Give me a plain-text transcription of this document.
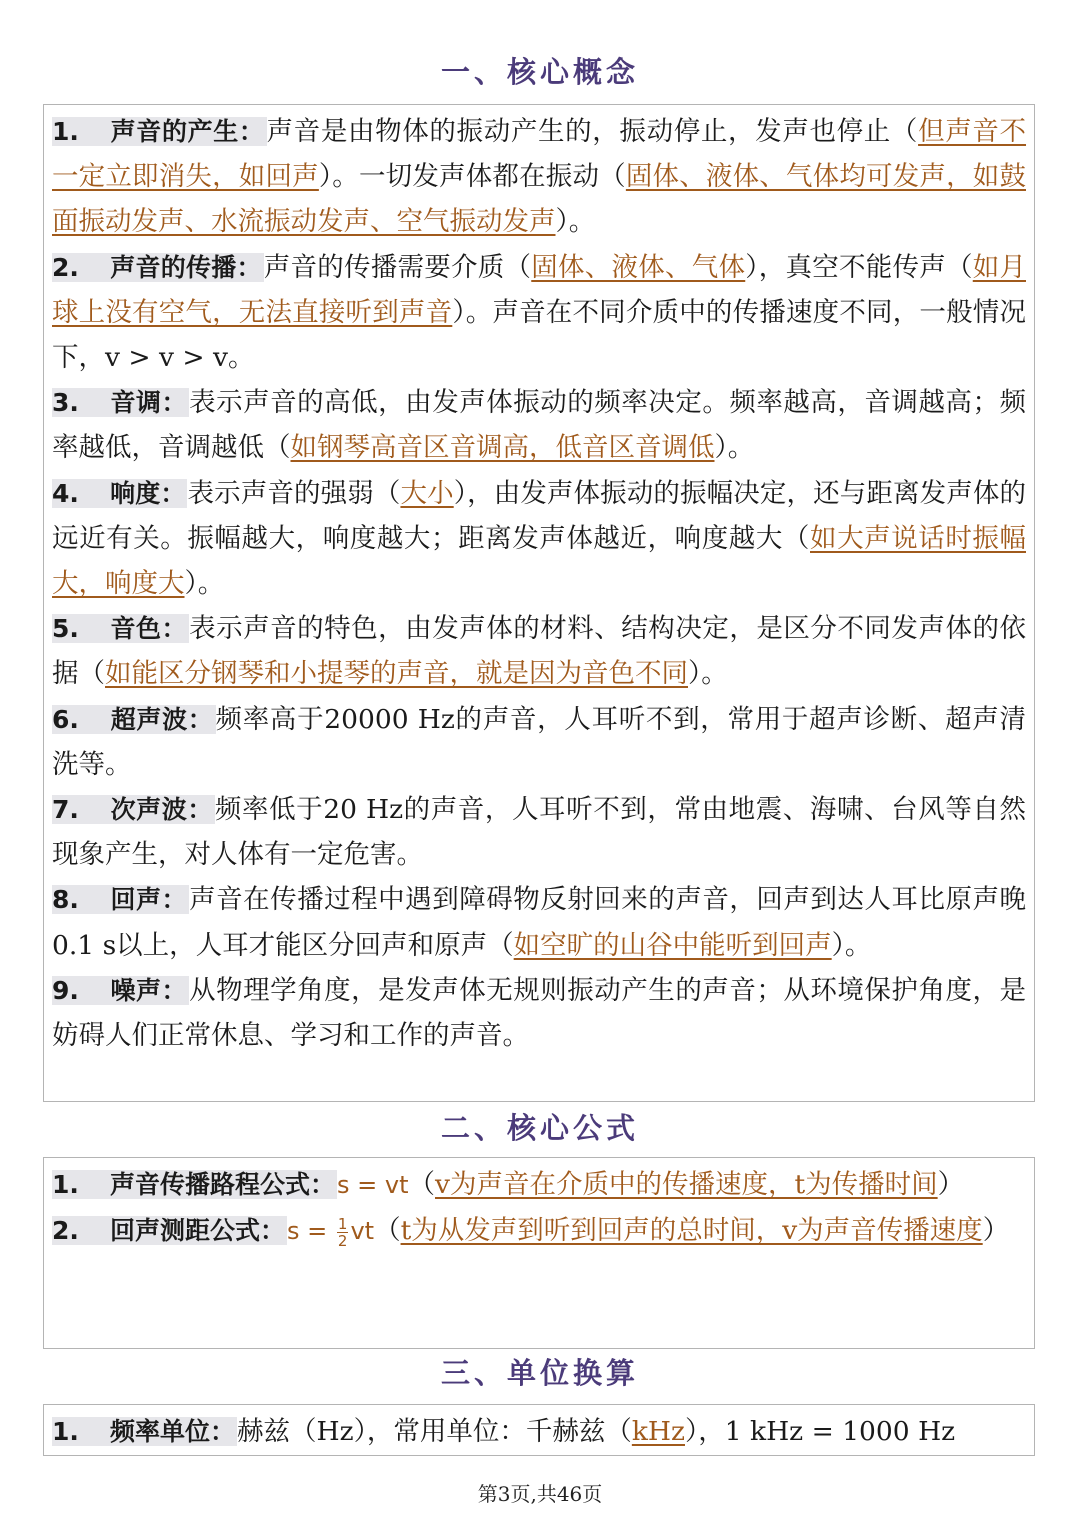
一、核心概念

1. 声音的产生：声音是由物体的振动产生的，振动停止，发声也停止（但声音不一定立即消失，如回声）。一切发声体都在振动（固体、液体、气体均可发声，如鼓面振动发声、水流振动发声、空气振动发声）。

2. 声音的传播：声音的传播需要介质（固体、液体、气体），真空不能传声（如月球上没有空气，无法直接听到声音）。声音在不同介质中的传播速度不同，一般情况下，v > v > v。

3. 音调：表示声音的高低，由发声体振动的频率决定。频率越高，音调越高；频率越低，音调越低（如钢琴高音区音调高，低音区音调低）。

4. 响度：表示声音的强弱（大小），由发声体振动的振幅决定，还与距离发声体的远近有关。振幅越大，响度越大；距离发声体越近，响度越大（如大声说话时振幅大，响度大）。

5. 音色：表示声音的特色，由发声体的材料、结构决定，是区分不同发声体的依据（如能区分钢琴和小提琴的声音，就是因为音色不同）。

6. 超声波：频率高于20000 Hz的声音，人耳听不到，常用于超声诊断、超声清洗等。

7. 次声波：频率低于20 Hz的声音，人耳听不到，常由地震、海啸、台风等自然现象产生，对人体有一定危害。

8. 回声：声音在传播过程中遇到障碍物反射回来的声音，回声到达人耳比原声晚0.1 s以上，人耳才能区分回声和原声（如空旷的山谷中能听到回声）。

9. 噪声：从物理学角度，是发声体无规则振动产生的声音；从环境保护角度，是妨碍人们正常休息、学习和工作的声音。

二、核心公式

1. 声音传播路程公式：s = vt（v为声音在介质中的传播速度，t为传播时间）

2. 回声测距公式：$s = \frac{1}{2} vt(t$为从发声到听到回声的总时间，v为声音传播速度）

三、单位换算

1. 频率单位：赫兹（Hz），常用单位：千赫兹（kHz），1 kHz = 1000 Hz

第3页,共46页
